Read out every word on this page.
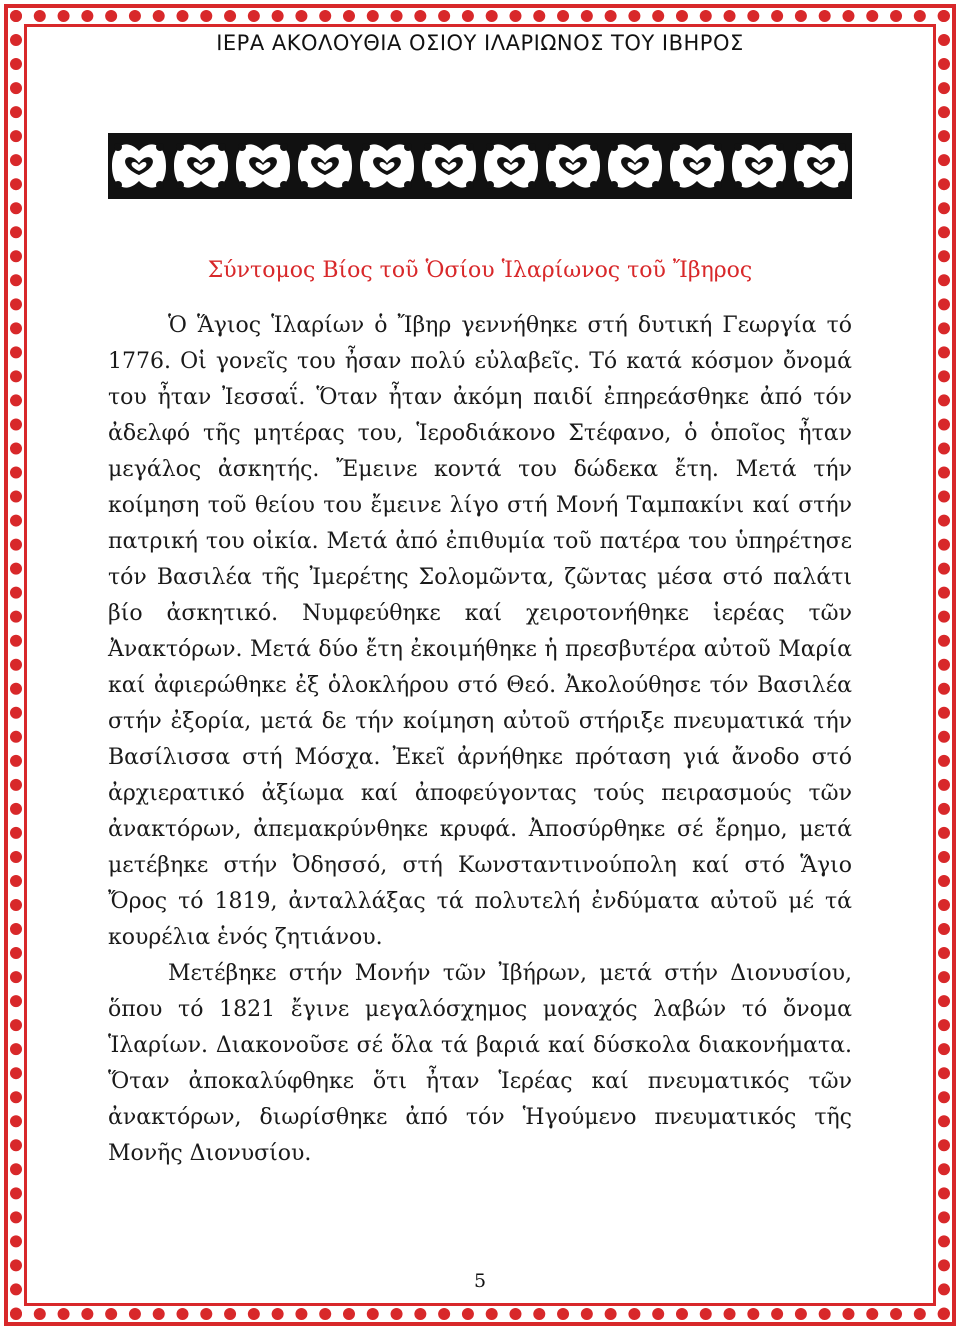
ΙΕΡΑ ΑΚΟΛΟΥΘΙΑ ΟΣΙΟΥ ΙΛΑΡΙΩΝΟΣ ΤΟΥ ΙΒΗΡΟΣ
Σύντομος Βίος τοῦ Ὁσίου Ἱλαρίωνος τοῦ Ἴβηρος

Ὁ Ἅγιος Ἱλαρίων ὁ Ἴβηρ γεννήθηκε στή δυτική Γεωργία τό 1776. Οἱ γονεῖς του ἦσαν πολύ εὐλαβεῖς. Τό κατά κόσμον ὄνομά του ἦταν Ἰεσσαΐ. Ὅταν ἦταν ἀκόμη παιδί ἐπηρεάσθηκε ἀπό τόν ἀδελφό τῆς μητέρας του, Ἱεροδιάκονο Στέφανο, ὁ ὁποῖος ἦταν μεγάλος ἀσκητής. Ἔμεινε κοντά του δώδεκα ἔτη. Μετά τήν κοίμηση τοῦ θείου του ἔμεινε λίγο στή Μονή Ταμπακίνι καί στήν πατρική του οἰκία. Μετά ἀπό ἐπιθυμία τοῦ πατέρα του ὑπηρέτησε τόν Βασιλέα τῆς Ἰμερέτης Σολομῶντα, ζῶντας μέσα στό παλάτι βίο ἀσκητικό. Νυμφεύθηκε καί χειροτονήθηκε ἱερέας τῶν Ἀνακτόρων. Μετά δύο ἔτη ἐκοιμήθηκε ἡ πρεσβυτέρα αὐτοῦ Μαρία καί ἀφιερώθηκε ἐξ ὁλοκλήρου στό Θεό. Ἀκολούθησε τόν Βασιλέα στήν ἐξορία, μετά δε τήν κοίμηση αὐτοῦ στήριξε πνευματικά τήν Βασίλισσα στή Μόσχα. Ἐκεῖ ἀρνήθηκε πρόταση γιά ἄνοδο στό ἀρχιερατικό ἀξίωμα καί ἀποφεύγοντας τούς πειρασμούς τῶν ἀνακτόρων, ἀπεμακρύνθηκε κρυφά. Ἀποσύρθηκε σέ ἔρημο, μετά μετέβηκε στήν Ὀδησσό, στή Κωνσταντινούπολη καί στό Ἅγιο Ὄρος τό 1819, ἀνταλλάξας τά πολυτελή ἐνδύματα αὐτοῦ μέ τά κουρέλια ἑνός ζητιάνου.

Μετέβηκε στήν Μονήν τῶν Ἰβήρων, μετά στήν Διονυσίου, ὅπου τό 1821 ἔγινε μεγαλόσχημος μοναχός λαβών τό ὄνομα Ἱλαρίων. Διακονοῦσε σέ ὅλα τά βαριά καί δύσκολα διακονήματα. Ὅταν ἀποκαλύφθηκε ὅτι ἦταν Ἱερέας καί πνευματικός τῶν ἀνακτόρων, διωρίσθηκε ἀπό τόν Ἡγούμενο πνευματικός τῆς Μονῆς Διονυσίου.

5
